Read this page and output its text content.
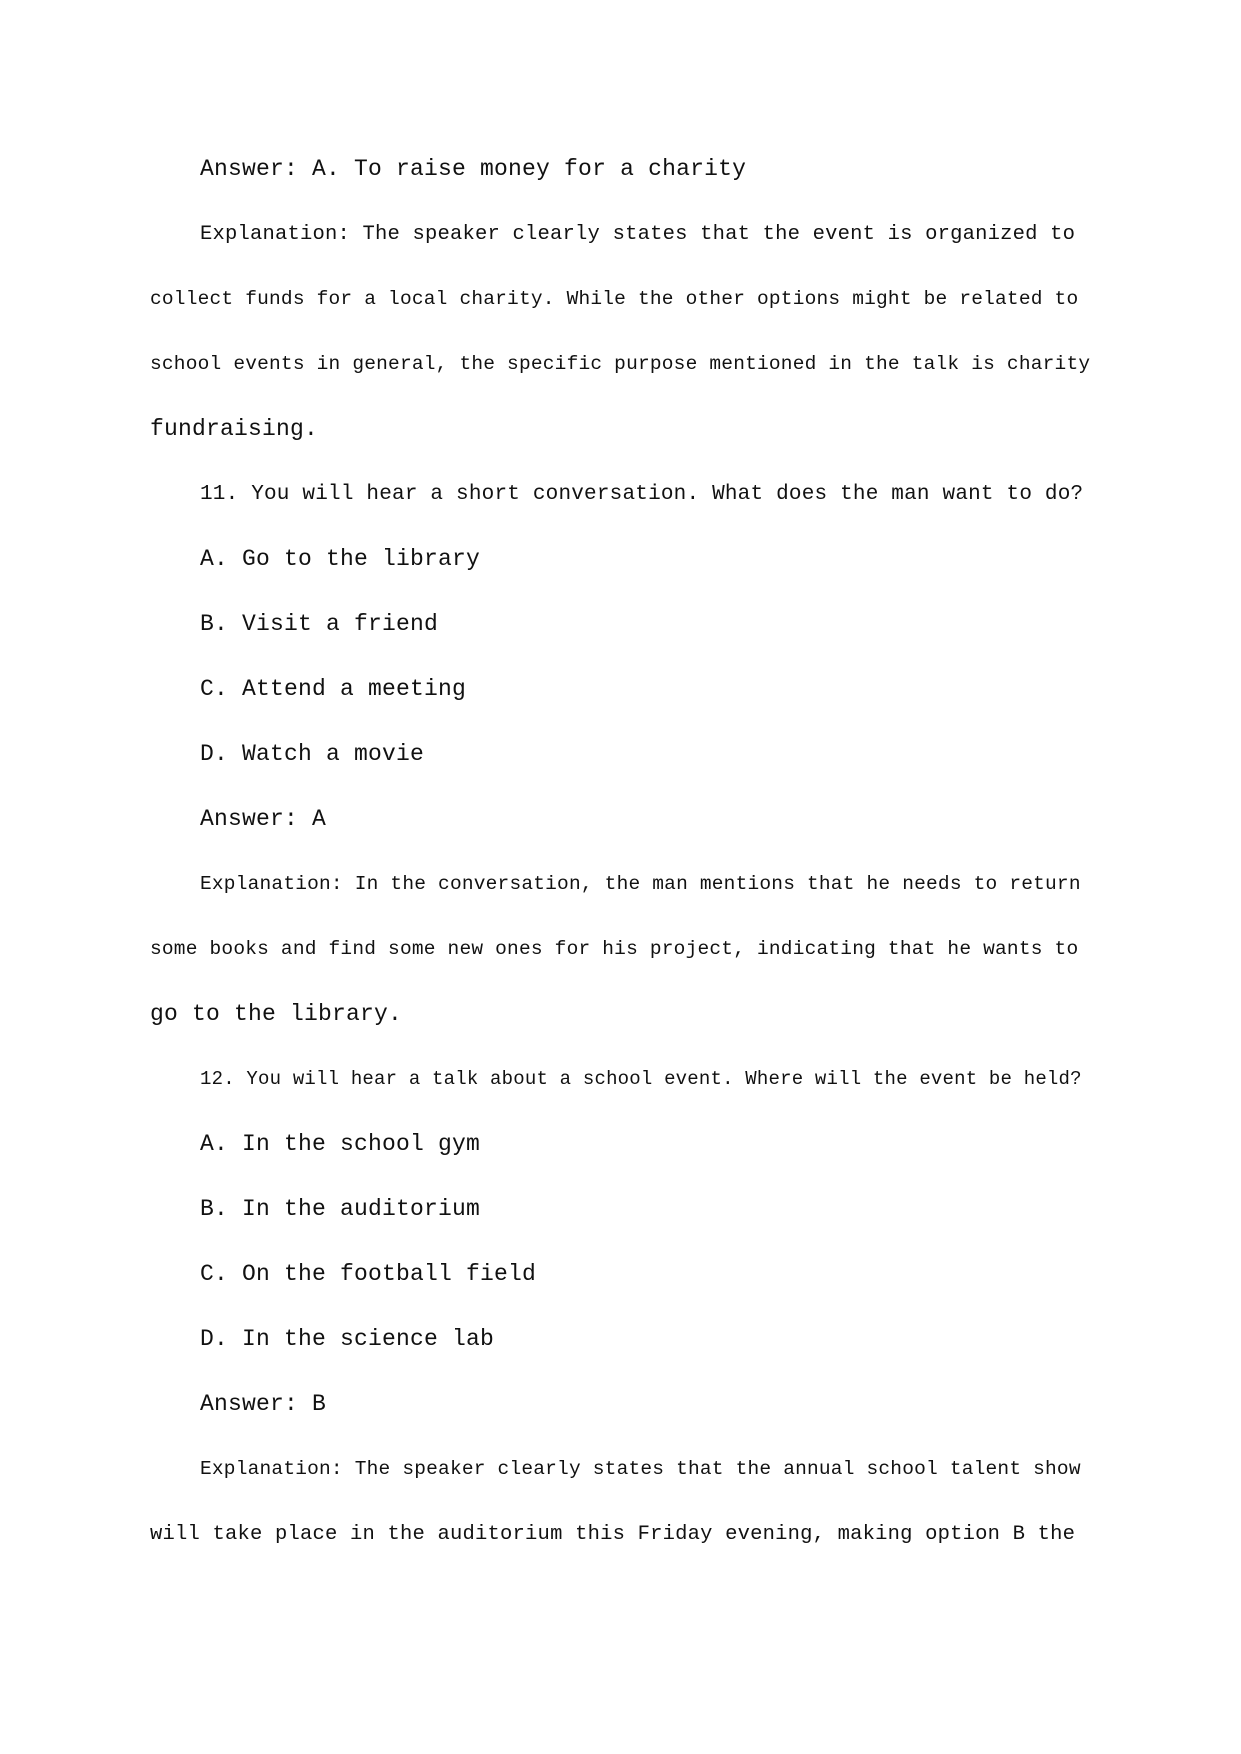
Answer: A. To raise money for a charity
Explanation: The speaker clearly states that the event is organized to
collect funds for a local charity. While the other options might be related to
school events in general, the specific purpose mentioned in the talk is charity
fundraising.
11. You will hear a short conversation. What does the man want to do?
A. Go to the library
B. Visit a friend
C. Attend a meeting
D. Watch a movie
Answer: A
Explanation: In the conversation, the man mentions that he needs to return
some books and find some new ones for his project, indicating that he wants to
go to the library.
12. You will hear a talk about a school event. Where will the event be held?
A. In the school gym
B. In the auditorium
C. On the football field
D. In the science lab
Answer: B
Explanation: The speaker clearly states that the annual school talent show
will take place in the auditorium this Friday evening, making option B the
